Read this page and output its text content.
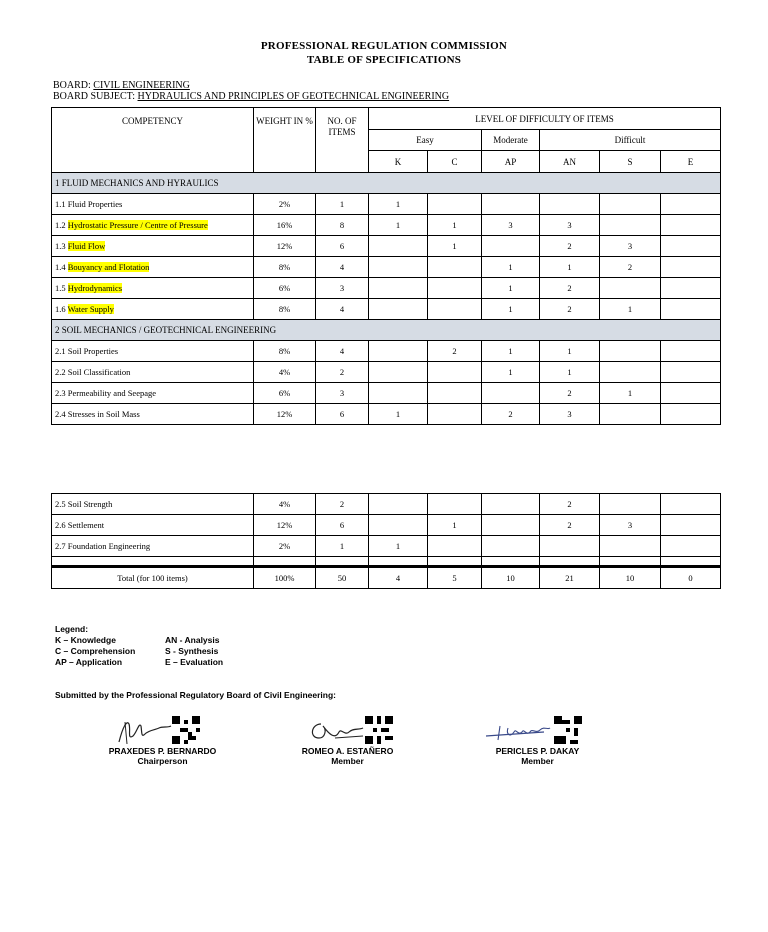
PROFESSIONAL REGULATION COMMISSION
TABLE OF SPECIFICATIONS
BOARD: CIVIL ENGINEERING
BOARD SUBJECT: HYDRAULICS AND PRINCIPLES OF GEOTECHNICAL ENGINEERING
COMPETENCY	WEIGHT IN %	NO. OF ITEMS	LEVEL OF DIFFICULTY OF ITEMS					
			Easy		Moderate	Difficult		
			K	C	AP	AN	S	E
1 FLUID MECHANICS AND HYRAULICS								
1.1 Fluid Properties	2%	1	1					
1.2 Hydrostatic Pressure / Centre of Pressure	16%	8	1	1	3	3		
1.3 Fluid Flow	12%	6		1		2	3	
1.4 Bouyancy and Flotation	8%	4			1	1	2	
1.5 Hydrodynamics	6%	3			1	2		
1.6 Water Supply	8%	4			1	2	1	
2 SOIL MECHANICS / GEOTECHNICAL ENGINEERING								
2.1 Soil Properties	8%	4		2	1	1		
2.2 Soil Classification	4%	2			1	1		
2.3 Permeability and Seepage	6%	3				2	1	
2.4 Stresses in Soil Mass	12%	6	1		2	3		
2.5 Soil Strength	4%	2				2		
2.6 Settlement	12%	6		1		2	3	
2.7 Foundation Engineering	2%	1	1					

Total (for 100 items)	100%	50	4	5	10	21	10	0
Legend:
K – Knowledge
C – Comprehension
AP – Application
AN - Analysis
S - Synthesis
E – Evaluation
Submitted by the Professional Regulatory Board of Civil Engineering:
PRAXEDES P. BERNARDO
Chairperson
ROMEO A. ESTAÑERO
Member
PERICLES P. DAKAY
Member
